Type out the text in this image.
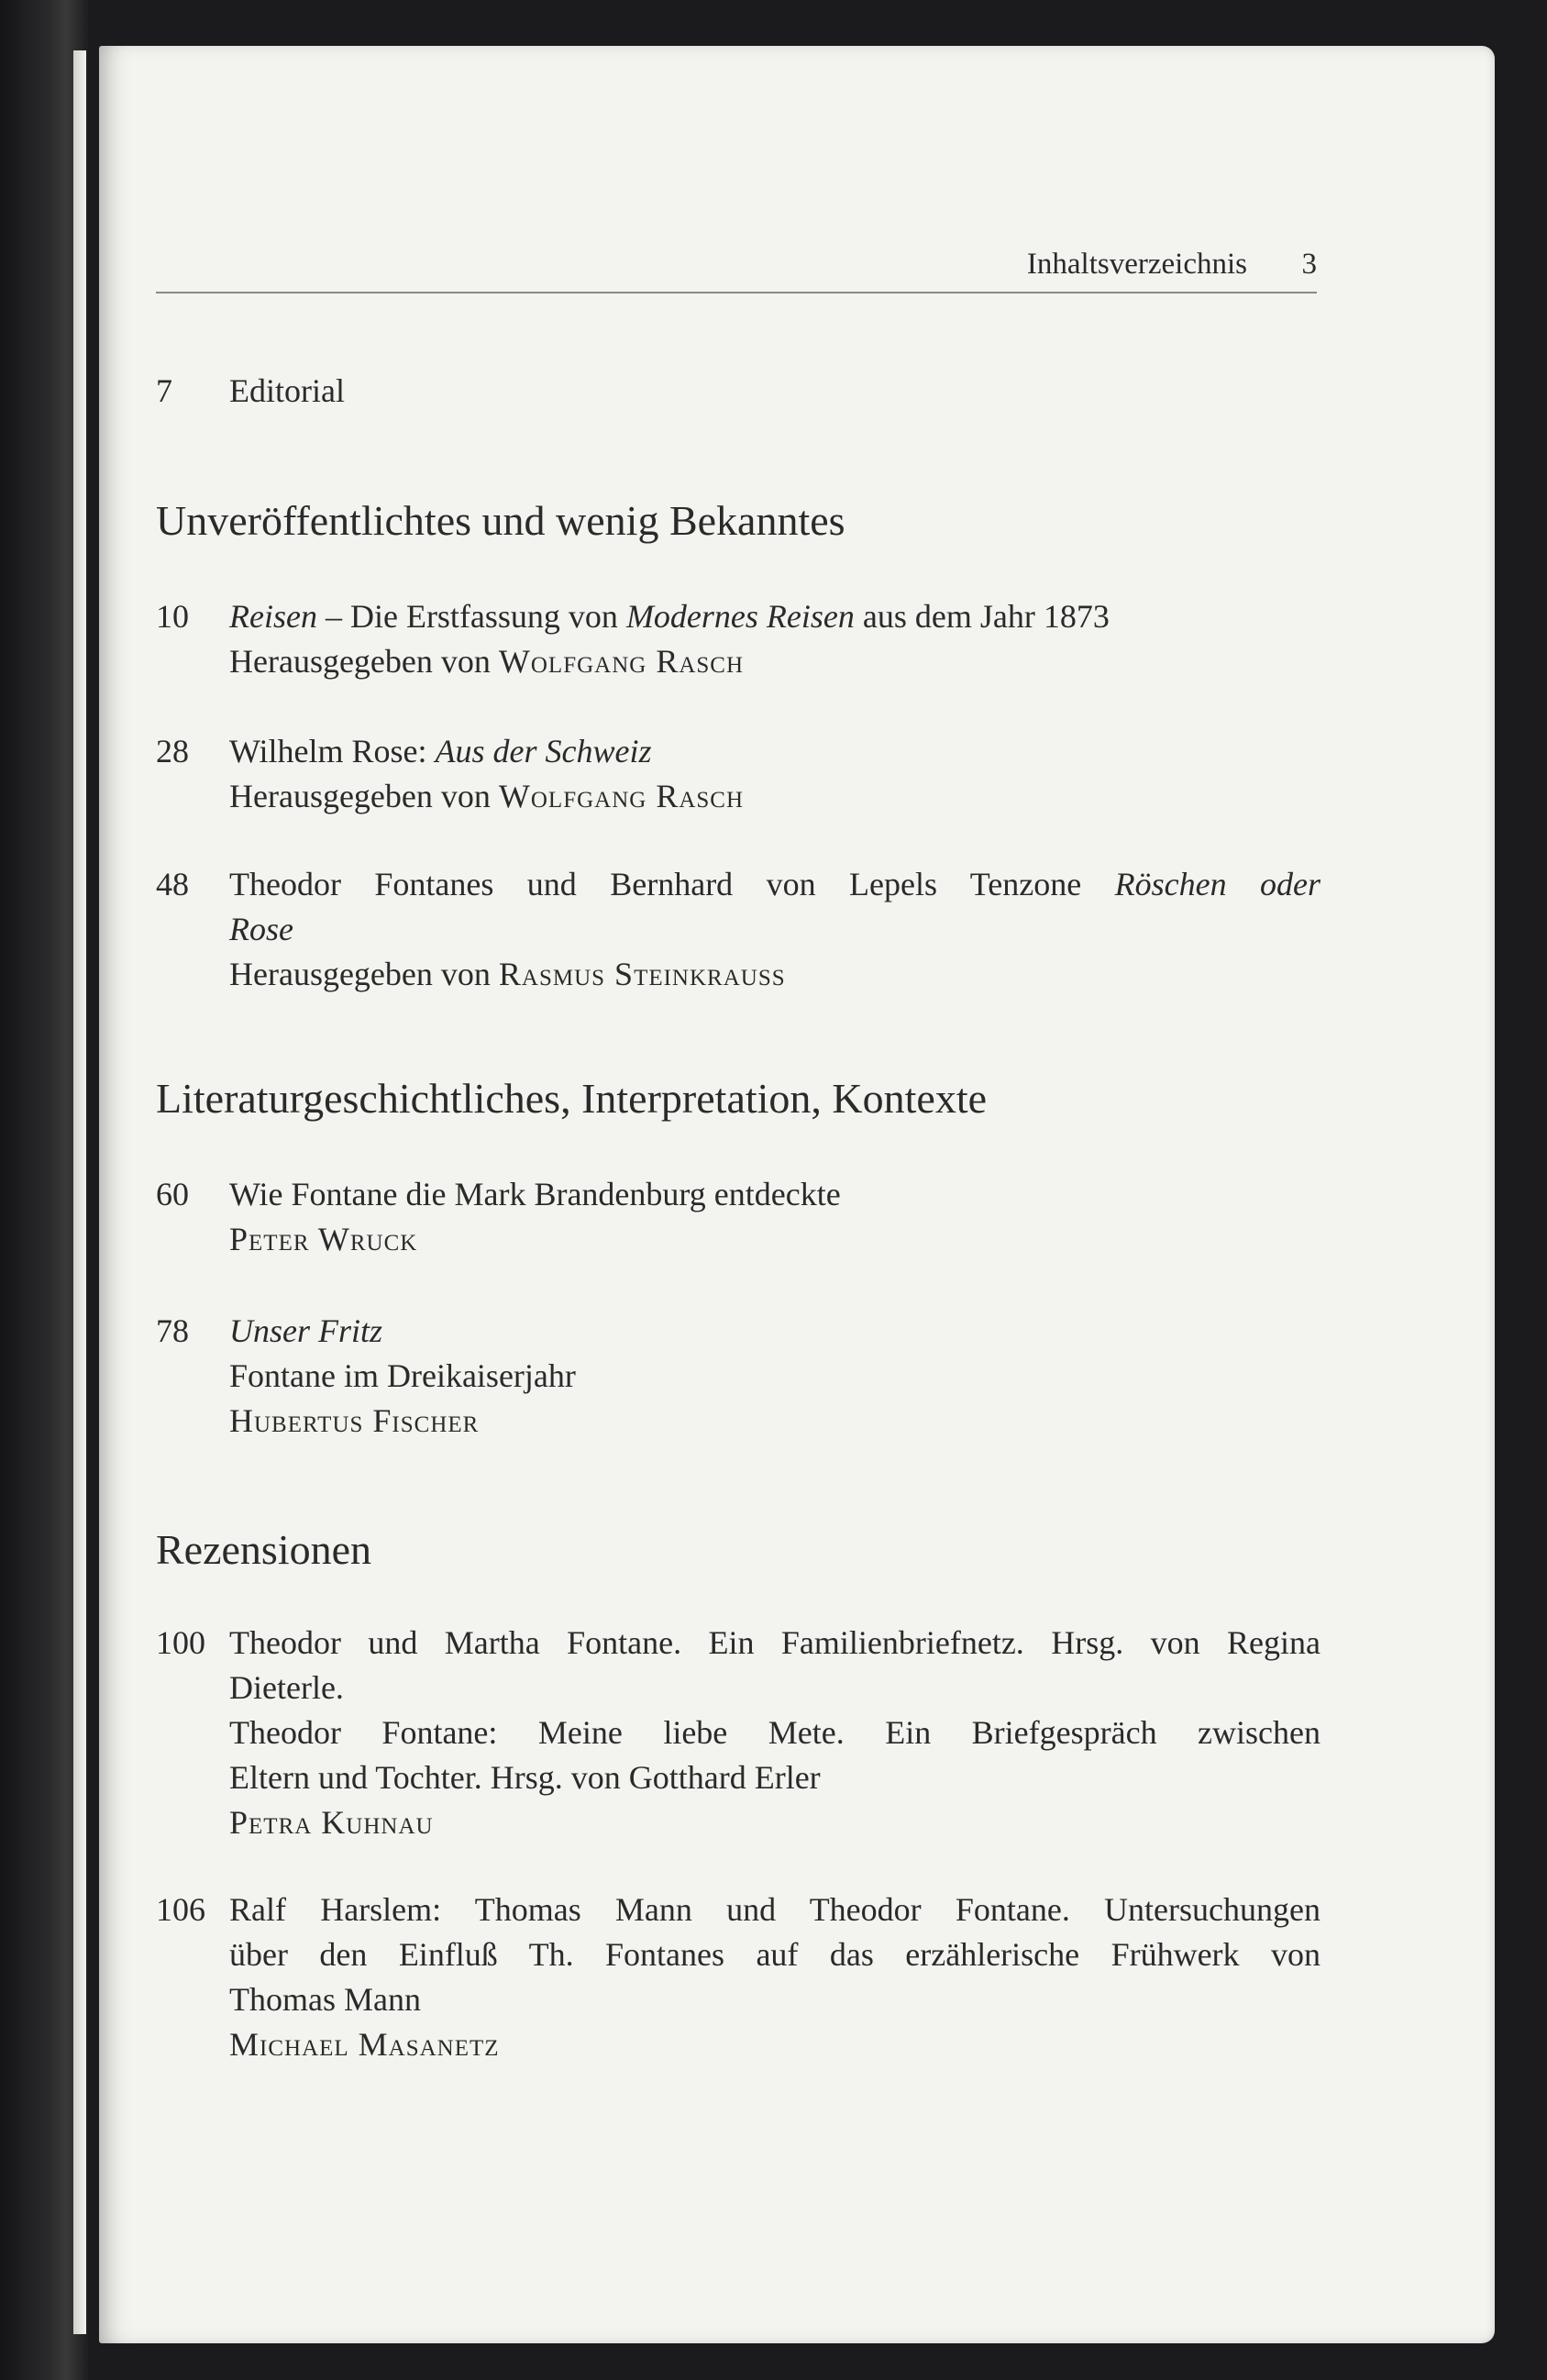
Inhaltsverzeichnis 3
7 Editorial
Unveröffentlichtes und wenig Bekanntes
10 Reisen – Die Erstfassung von Modernes Reisen aus dem Jahr 1873
Herausgegeben von Wolfgang Rasch
28 Wilhelm Rose: Aus der Schweiz
Herausgegeben von Wolfgang Rasch
48 Theodor Fontanes und Bernhard von Lepels Tenzone Röschen oder
Rose
Herausgegeben von Rasmus Steinkrauss
Literaturgeschichtliches, Interpretation, Kontexte
60 Wie Fontane die Mark Brandenburg entdeckte
Peter Wruck
78 Unser Fritz
Fontane im Dreikaiserjahr
Hubertus Fischer
Rezensionen
100 Theodor und Martha Fontane. Ein Familienbriefnetz. Hrsg. von Regina
Dieterle.
Theodor Fontane: Meine liebe Mete. Ein Briefgespräch zwischen
Eltern und Tochter. Hrsg. von Gotthard Erler
Petra Kuhnau
106 Ralf Harslem: Thomas Mann und Theodor Fontane. Untersuchungen
über den Einfluß Th. Fontanes auf das erzählerische Frühwerk von
Thomas Mann
Michael Masanetz
